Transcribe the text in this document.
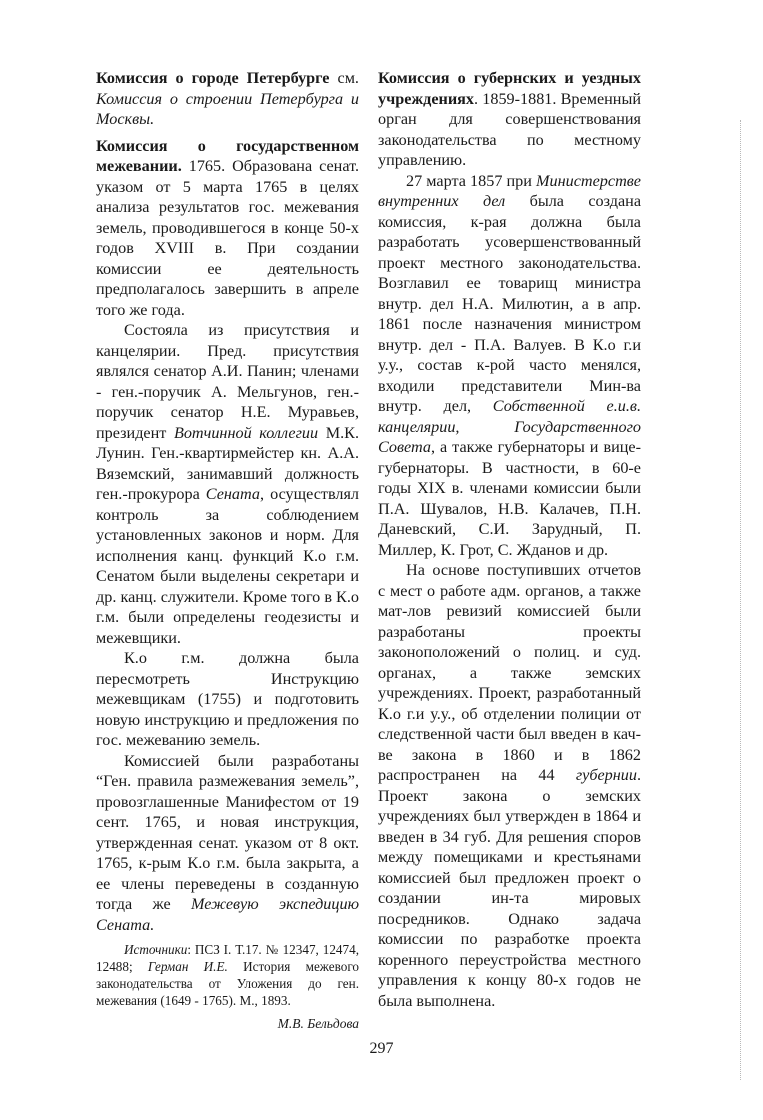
Комиссия о городе Петербурге см. Комиссия о строении Петербурга и Москвы.

Комиссия о государственном межевании. 1765. Образована сенат. указом от 5 марта 1765 в целях анализа результатов гос. межевания земель, проводившегося в конце 50-х годов XVIII в. При создании комиссии ее деятельность предполагалось завершить в апреле того же года.

Состояла из присутствия и канцелярии. Пред. присутствия являлся сенатор А.И. Панин; членами - ген.-поручик А. Мельгунов, ген.-поручик сенатор Н.Е. Муравьев, президент Вотчинной коллегии М.К. Лунин. Ген.-квартирмейстер кн. А.А. Вяземский, занимавший должность ген.-прокурора Сената, осуществлял контроль за соблюдением установленных законов и норм. Для исполнения канц. функций К.о г.м. Сенатом были выделены секретари и др. канц. служители. Кроме того в К.о г.м. были определены геодезисты и межевщики.

К.о г.м. должна была пересмотреть Инструкцию межевщикам (1755) и подготовить новую инструкцию и предложения по гос. межеванию земель.

Комиссией были разработаны “Ген. правила размежевания земель”, провозглашенные Манифестом от 19 сент. 1765, и новая инструкция, утвержденная сенат. указом от 8 окт. 1765, к-рым К.о г.м. была закрыта, а ее члены переведены в созданную тогда же Межевую экспедицию Сената.

Источники: ПСЗ I. Т.17. № 12347, 12474, 12488; Герман И.Е. История межевого законодательства от Уложения до ген. межевания (1649 - 1765). М., 1893.

М.В. Бельдова

Комиссия о губернских и уездных учреждениях. 1859-1881. Временный орган для совершенствования законодательства по местному управлению.

27 марта 1857 при Министерстве внутренних дел была создана комиссия, к-рая должна была разработать усовершенствованный проект местного законодательства. Возглавил ее товарищ министра внутр. дел Н.А. Милютин, а в апр. 1861 после назначения министром внутр. дел - П.А. Валуев. В К.о г.и у.у., состав к-рой часто менялся, входили представители Мин-ва внутр. дел, Собственной е.и.в. канцелярии, Государственного Совета, а также губернаторы и вице-губернаторы. В частности, в 60-е годы XIX в. членами комиссии были П.А. Шувалов, Н.В. Калачев, П.Н. Даневский, С.И. Зарудный, П. Миллер, К. Грот, С. Жданов и др.

На основе поступивших отчетов с мест о работе адм. органов, а также мат-лов ревизий комиссией были разработаны проекты законоположений о полиц. и суд. органах, а также земских учреждениях. Проект, разработанный К.о г.и у.у., об отделении полиции от следственной части был введен в кач-ве закона в 1860 и в 1862 распространен на 44 губернии. Проект закона о земских учреждениях был утвержден в 1864 и введен в 34 губ. Для решения споров между помещиками и крестьянами комиссией был предложен проект о создании ин-та мировых посредников. Однако задача комиссии по разработке проекта коренного переустройства местного управления к концу 80-х годов не была выполнена.

297
